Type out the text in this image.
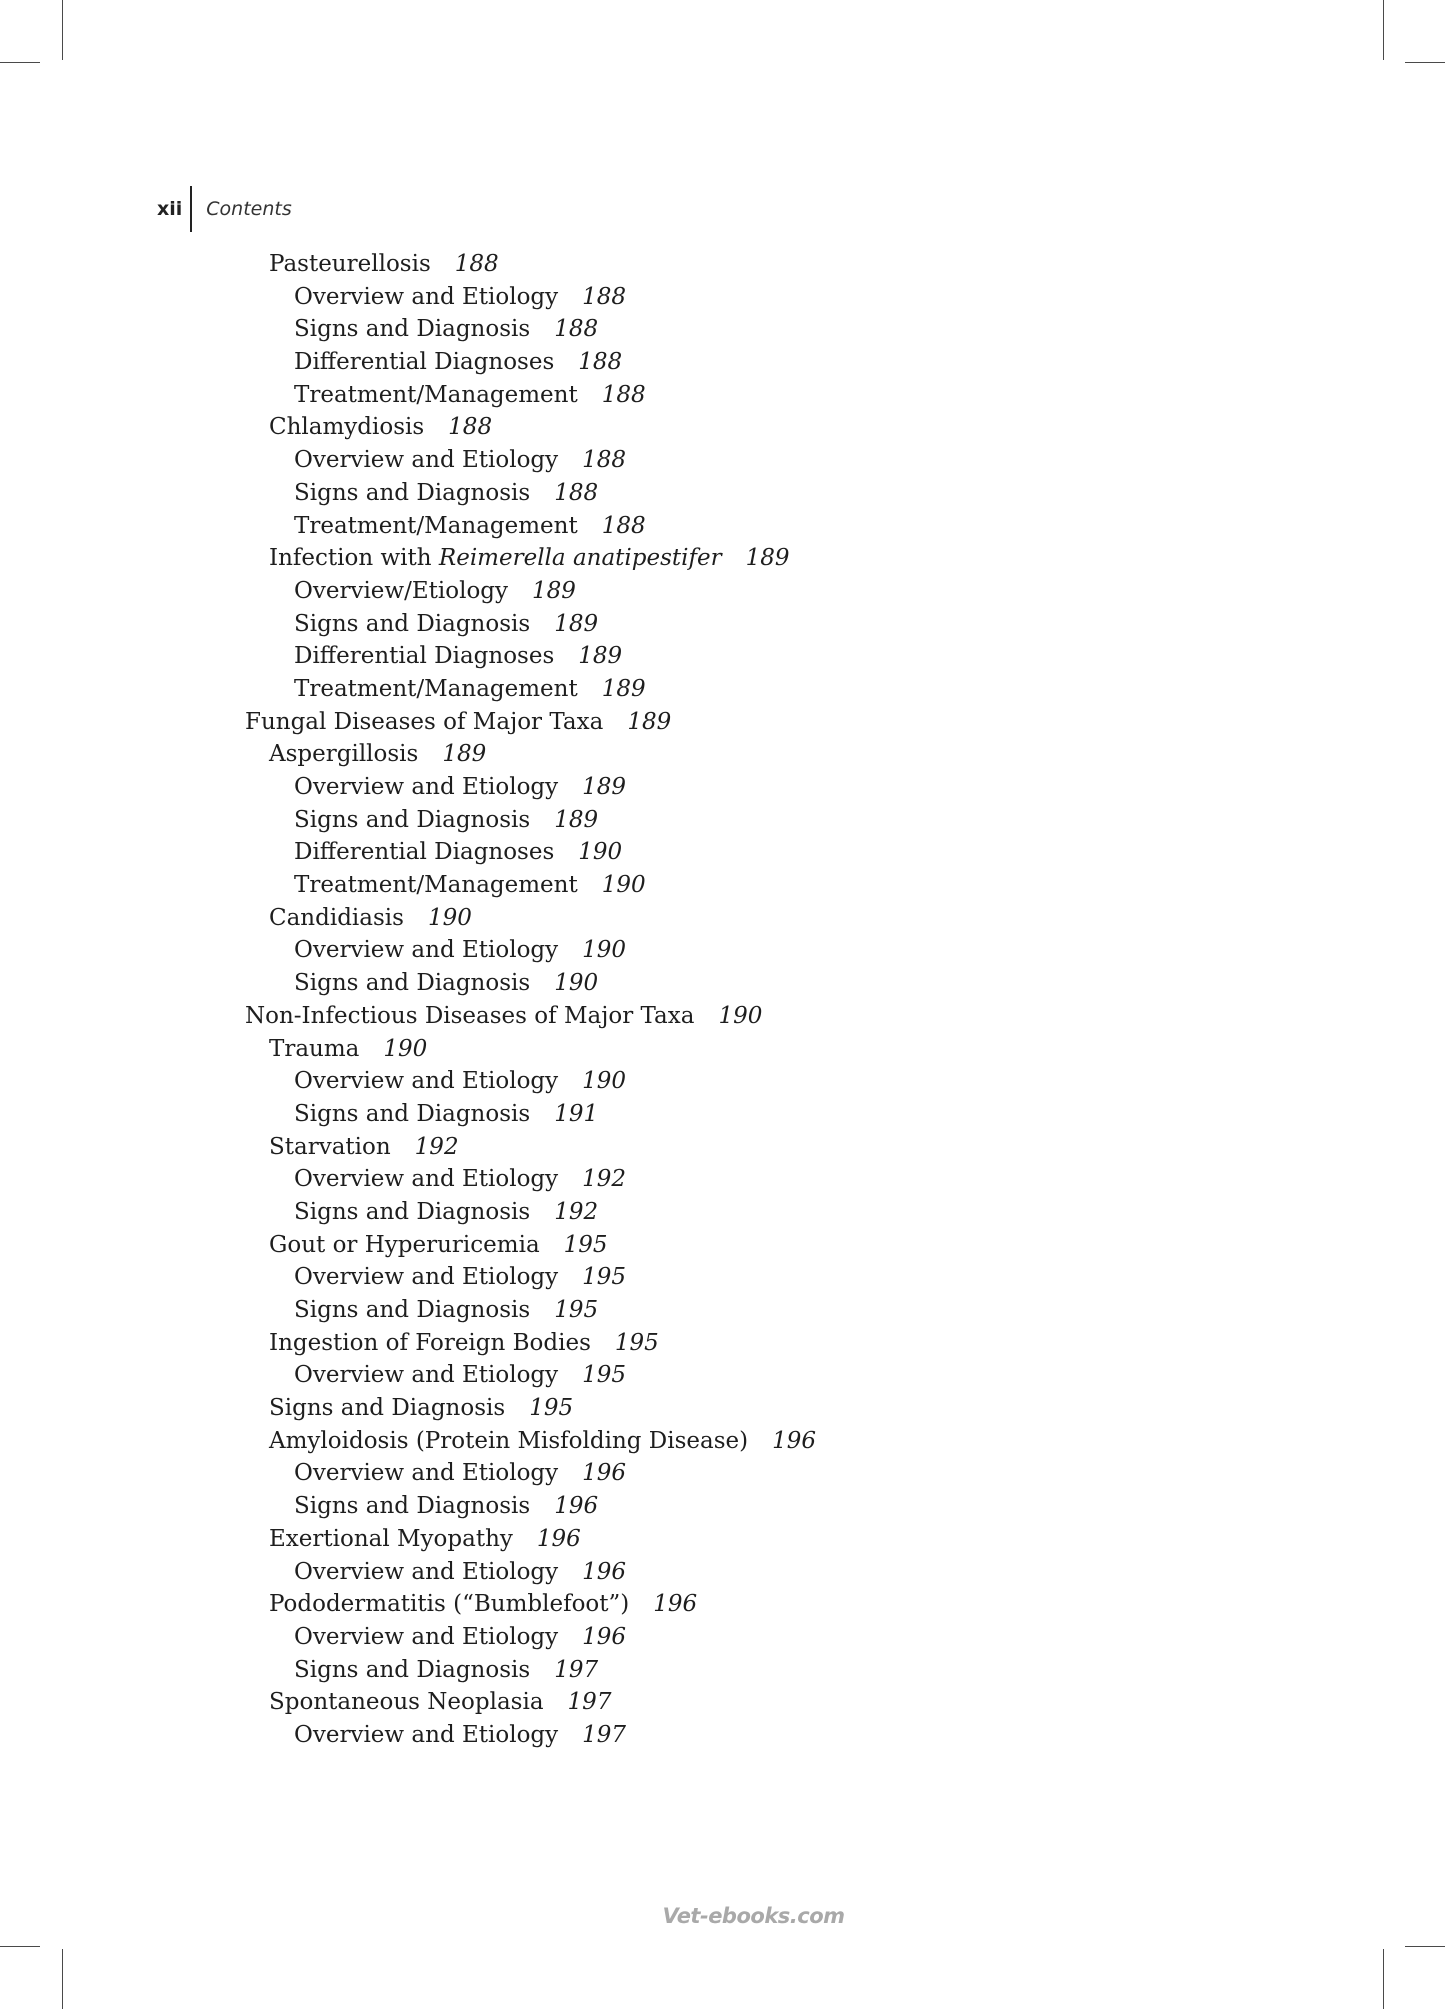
xii	Contents
Pasteurellosis 188
Overview and Etiology 188
Signs and Diagnosis 188
Differential Diagnoses 188
Treatment/Management 188
Chlamydiosis 188
Overview and Etiology 188
Signs and Diagnosis 188
Treatment/Management 188
Infection with Reimerella anatipestifer 189
Overview/Etiology 189
Signs and Diagnosis 189
Differential Diagnoses 189
Treatment/Management 189
Fungal Diseases of Major Taxa 189
Aspergillosis 189
Overview and Etiology 189
Signs and Diagnosis 189
Differential Diagnoses 190
Treatment/Management 190
Candidiasis 190
Overview and Etiology 190
Signs and Diagnosis 190
Non-Infectious Diseases of Major Taxa 190
Trauma 190
Overview and Etiology 190
Signs and Diagnosis 191
Starvation 192
Overview and Etiology 192
Signs and Diagnosis 192
Gout or Hyperuricemia 195
Overview and Etiology 195
Signs and Diagnosis 195
Ingestion of Foreign Bodies 195
Overview and Etiology 195
Signs and Diagnosis 195
Amyloidosis (Protein Misfolding Disease) 196
Overview and Etiology 196
Signs and Diagnosis 196
Exertional Myopathy 196
Overview and Etiology 196
Pododermatitis (“Bumblefoot”) 196
Overview and Etiology 196
Signs and Diagnosis 197
Spontaneous Neoplasia 197
Overview and Etiology 197
Vet-ebooks.com
